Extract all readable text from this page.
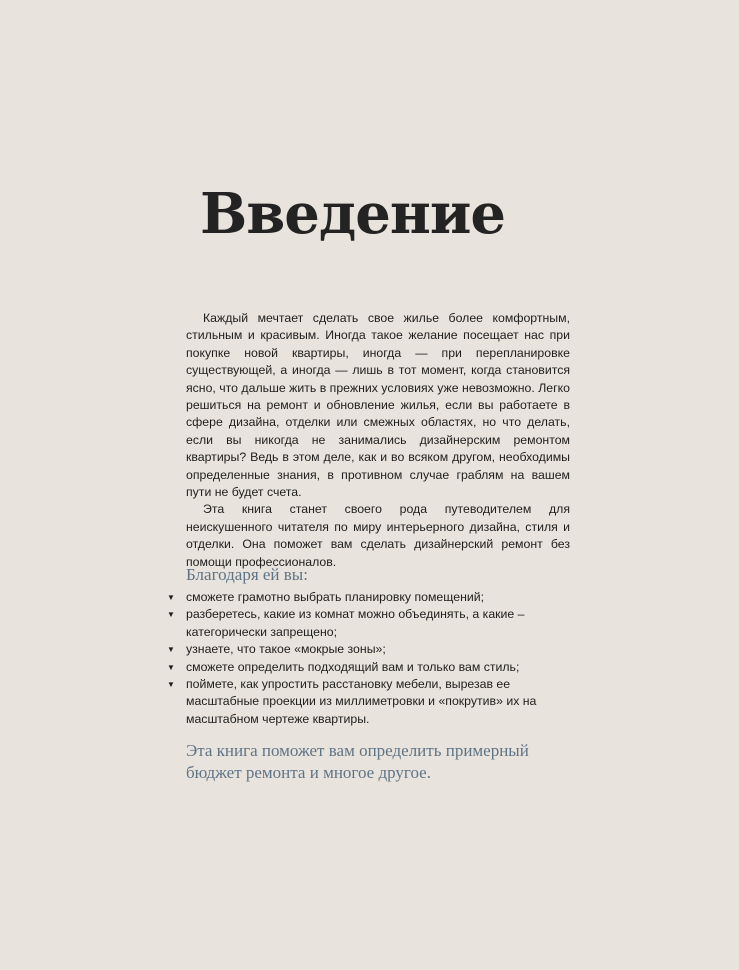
Введение

Каждый мечтает сделать свое жилье более комфортным, стильным и красивым. Иногда такое желание посещает нас при покупке новой квартиры, иногда — при перепланировке существующей, а иногда — лишь в тот момент, когда становится ясно, что дальше жить в прежних условиях уже невозможно. Легко решиться на ремонт и обновление жилья, если вы работаете в сфере дизайна, отделки или смежных областях, но что делать, если вы никогда не занимались дизайнерским ремонтом квартиры? Ведь в этом деле, как и во всяком другом, необходимы определенные знания, в противном случае граблям на вашем пути не будет счета.

Эта книга станет своего рода путеводителем для неискушенного читателя по миру интерьерного дизайна, стиля и отделки. Она поможет вам сделать дизайнерский ремонт без помощи профессионалов.

Благодаря ей вы:
▼ сможете грамотно выбрать планировку помещений;
▼ разберетесь, какие из комнат можно объединять, а какие – категорически запрещено;
▼ узнаете, что такое «мокрые зоны»;
▼ сможете определить подходящий вам и только вам стиль;
▼ поймете, как упростить расстановку мебели, вырезав ее масштабные проекции из миллиметровки и «покрутив» их на масштабном чертеже квартиры.

Эта книга поможет вам определить примерный бюджет ремонта и многое другое.
